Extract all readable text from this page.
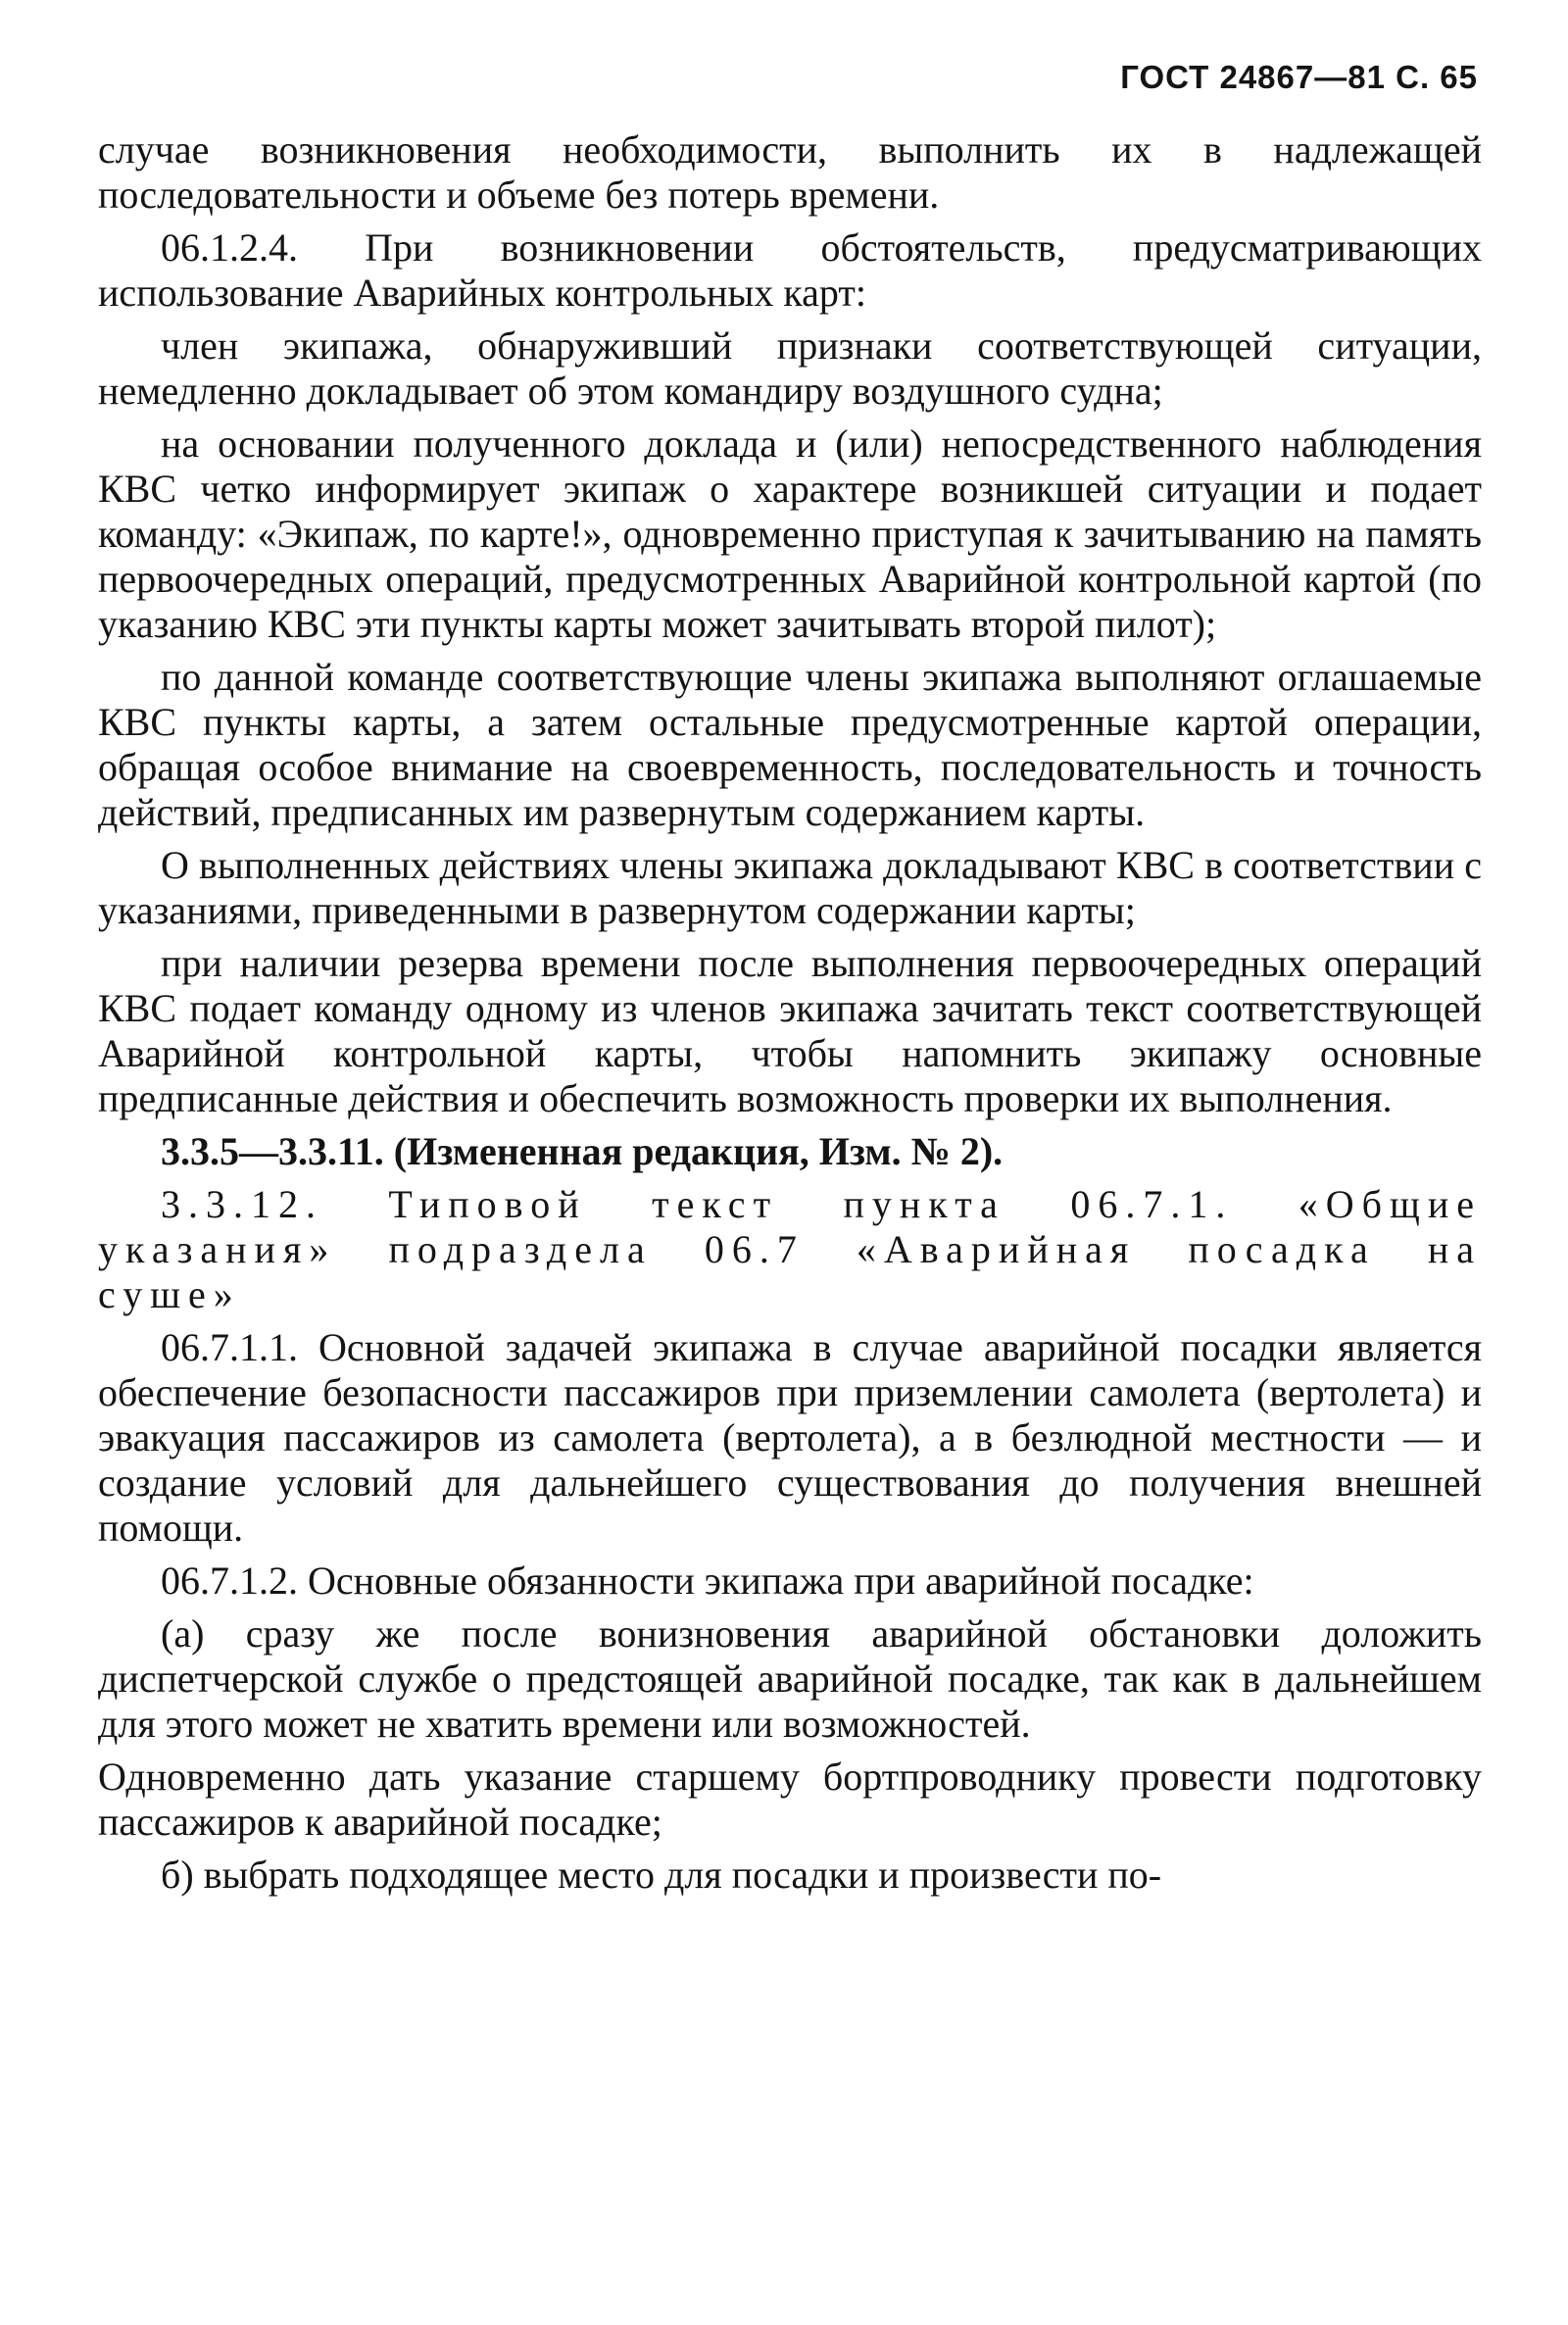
ГОСТ 24867—81 С. 65
случае возникновения необходимости, выполнить их в надлежащей последовательности и объеме без потерь времени.
06.1.2.4. При возникновении обстоятельств, предусматривающих использование Аварийных контрольных карт:
член экипажа, обнаруживший признаки соответствующей ситуации, немедленно докладывает об этом командиру воздушного судна;
на основании полученного доклада и (или) непосредственного наблюдения КВС четко информирует экипаж о характере возникшей ситуации и подает команду: «Экипаж, по карте!», одновременно приступая к зачитыванию на память первоочередных операций, предусмотренных Аварийной контрольной картой (по указанию КВС эти пункты карты может зачитывать второй пилот);
по данной команде соответствующие члены экипажа выполняют оглашаемые КВС пункты карты, а затем остальные предусмотренные картой операции, обращая особое внимание на своевременность, последовательность и точность действий, предписанных им развернутым содержанием карты.
О выполненных действиях члены экипажа докладывают КВС в соответствии с указаниями, приведенными в развернутом содержании карты;
при наличии резерва времени после выполнения первоочередных операций КВС подает команду одному из членов экипажа зачитать текст соответствующей Аварийной контрольной карты, чтобы напомнить экипажу основные предписанные действия и обеспечить возможность проверки их выполнения.
3.3.5—3.3.11. (Измененная редакция, Изм. № 2).
3.3.12. Типовой текст пункта 06.7.1. «Общие указания» подраздела 06.7 «Аварийная посадка на суше»
06.7.1.1. Основной задачей экипажа в случае аварийной посадки является обеспечение безопасности пассажиров при приземлении самолета (вертолета) и эвакуация пассажиров из самолета (вертолета), а в безлюдной местности — и создание условий для дальнейшего существования до получения внешней помощи.
06.7.1.2. Основные обязанности экипажа при аварийной посадке:
(а) сразу же после вонизновения аварийной обстановки доложить диспетчерской службе о предстоящей аварийной посадке, так как в дальнейшем для этого может не хватить времени или возможностей.
Одновременно дать указание старшему бортпроводнику провести подготовку пассажиров к аварийной посадке;
б) выбрать подходящее место для посадки и произвести по-
